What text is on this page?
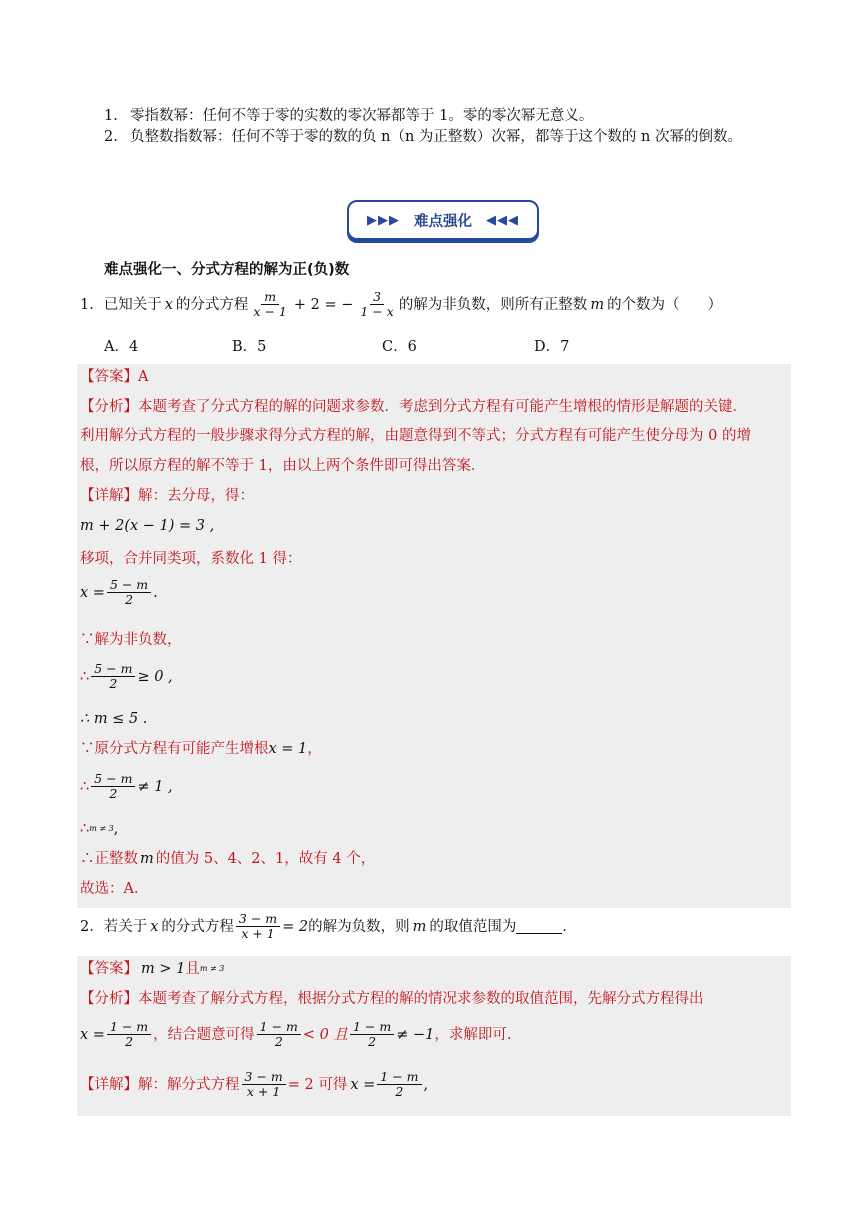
1. 零指数幂：任何不等于零的实数的零次幂都等于 1。零的零次幂无意义。
2. 负整数指数幂：任何不等于零的数的负 n（n 为正整数）次幂，都等于这个数的 n 次幂的倒数。
▶▶▶ 难点强化 ◀◀◀
难点强化一、分式方程的解为正(负)数
1．已知关于 x 的分式方程 $\frac{m}{x - 1} + 2$ = − $\frac{3}{1 - x}$ 的解为非负数，则所有正整数 m 的个数为（ ）
A．4	B．5	C．6	D．7
【答案】A
【分析】本题考查了分式方程的解的问题求参数．考虑到分式方程有可能产生增根的情形是解题的关键．
利用解分式方程的一般步骤求得分式方程的解，由题意得到不等式；分式方程有可能产生使分母为 0 的增
根，所以原方程的解不等于 1，由以上两个条件即可得出答案．
【详解】解：去分母，得：
m + 2(x − 1) = 3 ,
移项，合并同类项，系数化 1 得：
$x = \frac{5 - m}{2}$ .
∵解为非负数，
∴ $\frac{5 - m}{2} \ge 0$ ,
∴ m ≤ 5 .
∵原分式方程有可能产生增根x = 1，
∴ $\frac{5 - m}{2} \ne 1$ ,
∴m ≠ 3,
∴正整数 m 的值为 5、4、2、1，故有 4 个，
故选：A．
2．若关于 x 的分式方程 $\frac{3 - m}{x + 1} = 2$ 的解为负数，则 m 的取值范围为	．
【答案】 m > 1且m ≠ 3
【分析】本题考查了解分式方程，根据分式方程的解的情况求参数的取值范围，先解分式方程得出
$x = \frac{1 - m}{2}$ ，结合题意可得 $\frac{1 - m}{2} < 0$ 且 $\frac{1 - m}{2} \ne -1$ ，求解即可.
【详解】解：解分式方程 $\frac{3 - m}{x + 1} = 2$ 可得 $x = \frac{1 - m}{2}$ ,
